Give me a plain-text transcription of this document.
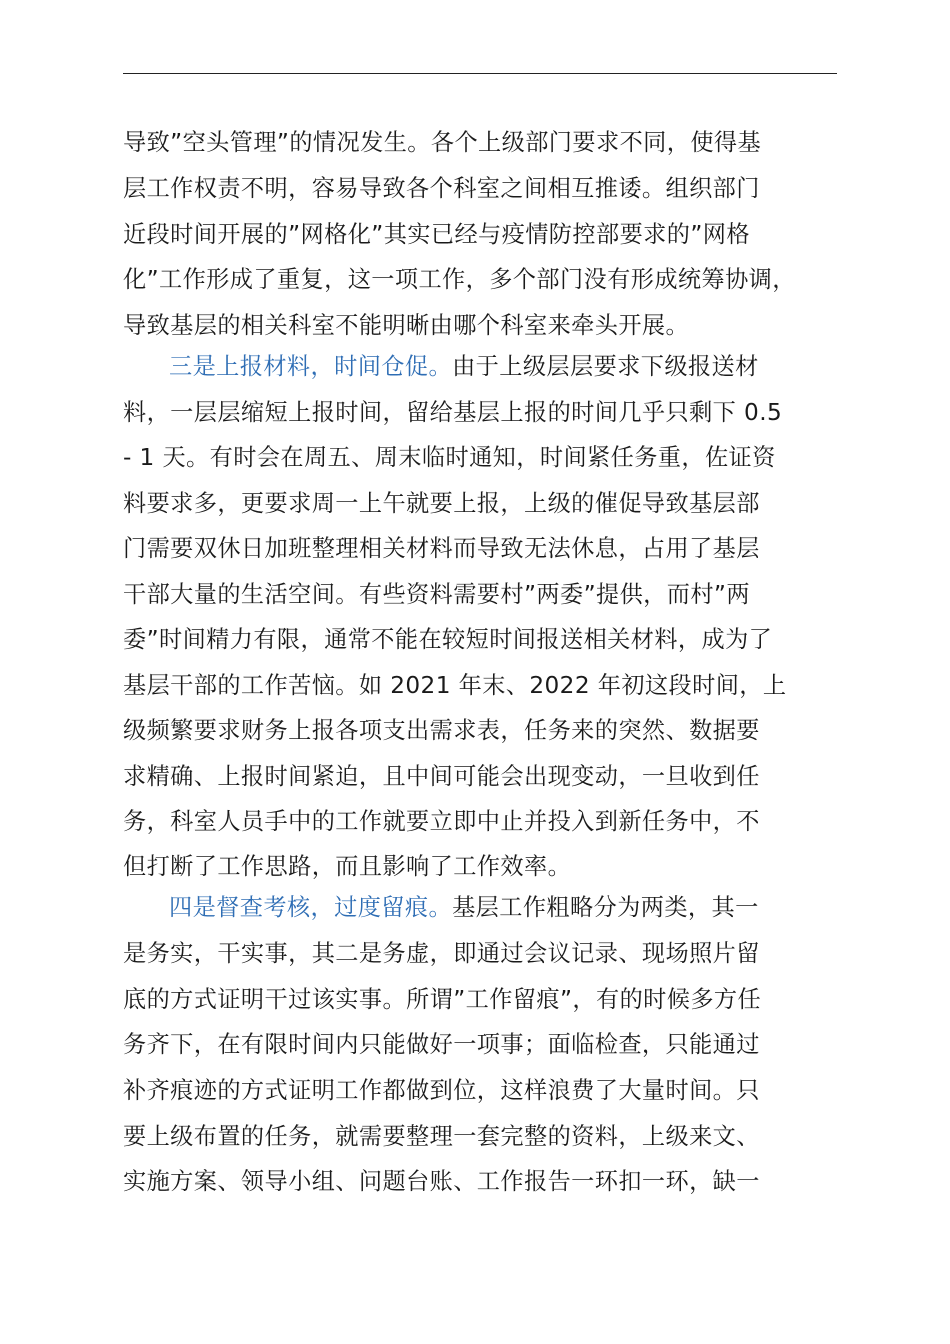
导致”空头管理”的情况发生。各个上级部门要求不同，使得基
层工作权责不明，容易导致各个科室之间相互推诿。组织部门
近段时间开展的”网格化”其实已经与疫情防控部要求的”网格
化”工作形成了重复，这一项工作，多个部门没有形成统筹协调，
导致基层的相关科室不能明晰由哪个科室来牵头开展。
三是上报材料，时间仓促。由于上级层层要求下级报送材
料，一层层缩短上报时间，留给基层上报的时间几乎只剩下 0.5
- 1 天。有时会在周五、周末临时通知，时间紧任务重，佐证资
料要求多，更要求周一上午就要上报，上级的催促导致基层部
门需要双休日加班整理相关材料而导致无法休息，占用了基层
干部大量的生活空间。有些资料需要村”两委”提供，而村”两
委”时间精力有限，通常不能在较短时间报送相关材料，成为了
基层干部的工作苦恼。如 2021 年末、2022 年初这段时间，上
级频繁要求财务上报各项支出需求表，任务来的突然、数据要
求精确、上报时间紧迫，且中间可能会出现变动，一旦收到任
务，科室人员手中的工作就要立即中止并投入到新任务中，不
但打断了工作思路，而且影响了工作效率。
四是督查考核，过度留痕。基层工作粗略分为两类，其一
是务实，干实事，其二是务虚，即通过会议记录、现场照片留
底的方式证明干过该实事。所谓”工作留痕”，有的时候多方任
务齐下，在有限时间内只能做好一项事；面临检查，只能通过
补齐痕迹的方式证明工作都做到位，这样浪费了大量时间。只
要上级布置的任务，就需要整理一套完整的资料，上级来文、
实施方案、领导小组、问题台账、工作报告一环扣一环，缺一
